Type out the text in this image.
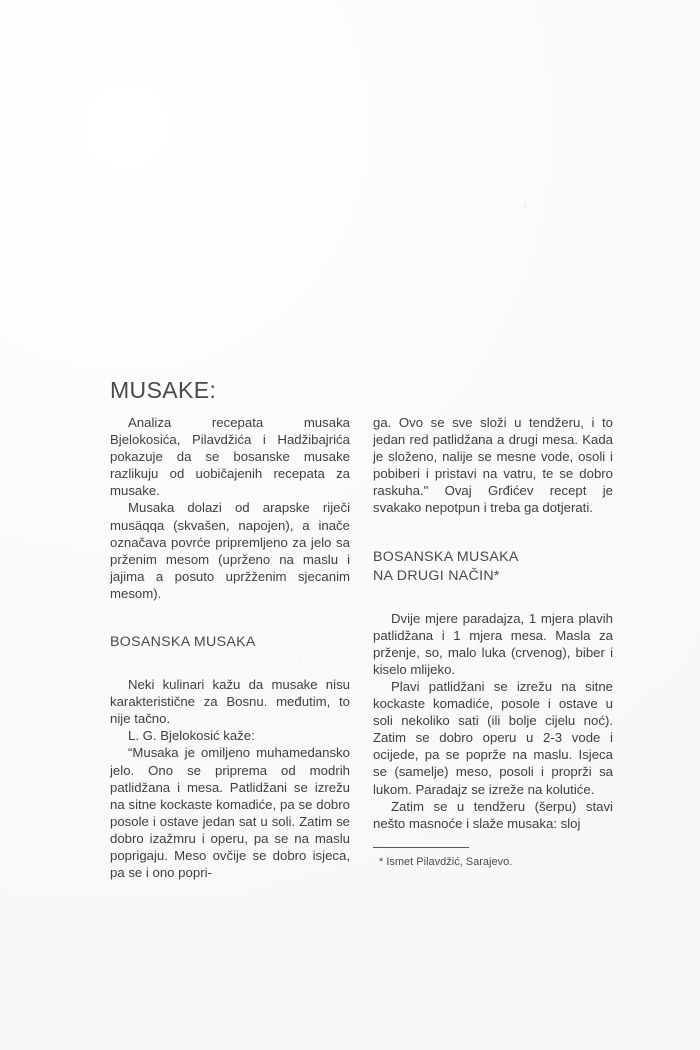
MUSAKE:

Analiza recepata musaka Bjelokosića, Pilavdžića i Hadžibajrića pokazuje da se bosanske musake razlikuju od uobičajenih recepata za musake.

Musaka dolazi od arapske riječi musäqqa (skvašen, napojen), a inače označava povrće pripremljeno za jelo sa prženim mesom (uprženo na maslu i jajima a posuto upržženim sjecanim mesom).

BOSANSKA MUSAKA

Neki kulinari kažu da musake nisu karakteristične za Bosnu. međutim, to nije tačno.

L. G. Bjelokosić kaže:

“Musaka je omiljeno muhamedansko jelo. Ono se priprema od modrih patlidžana i mesa. Patlidžani se izrežu na sitne kockaste komadiće, pa se dobro posole i ostave jedan sat u soli. Zatim se dobro izažmru i operu, pa se na maslu poprigaju. Meso ovčije se dobro isjeca, pa se i ono popri-

ga. Ovo se sve složi u tendžeru, i to jedan red patlidžana a drugi mesa. Kada je složeno, nalije se mesne vode, osoli i pobiberi i pristavi na vatru, te se dobro raskuha." Ovaj Grđićev recept je svakako nepotpun i treba ga dotjerati.

BOSANSKA MUSAKA
NA DRUGI NAČIN*

Dvije mjere paradajza, 1 mjera plavih patlidžana i 1 mjera mesa. Masla za prženje, so, malo luka (crvenog), biber i kiselo mlijeko.

Plavi patlidžani se izrežu na sitne kockaste komadiće, posole i ostave u soli nekoliko sati (ili bolje cijelu noć). Zatim se dobro operu u 2-3 vode i ocijede, pa se poprže na maslu. Isjeca se (samelje) meso, posoli i proprži sa lukom. Paradajz se izreže na kolutiće.

Zatim se u tendžeru (šerpu) stavi nešto masnoće i slaže musaka: sloj

* Ismet Pilavdžić, Sarajevo.
